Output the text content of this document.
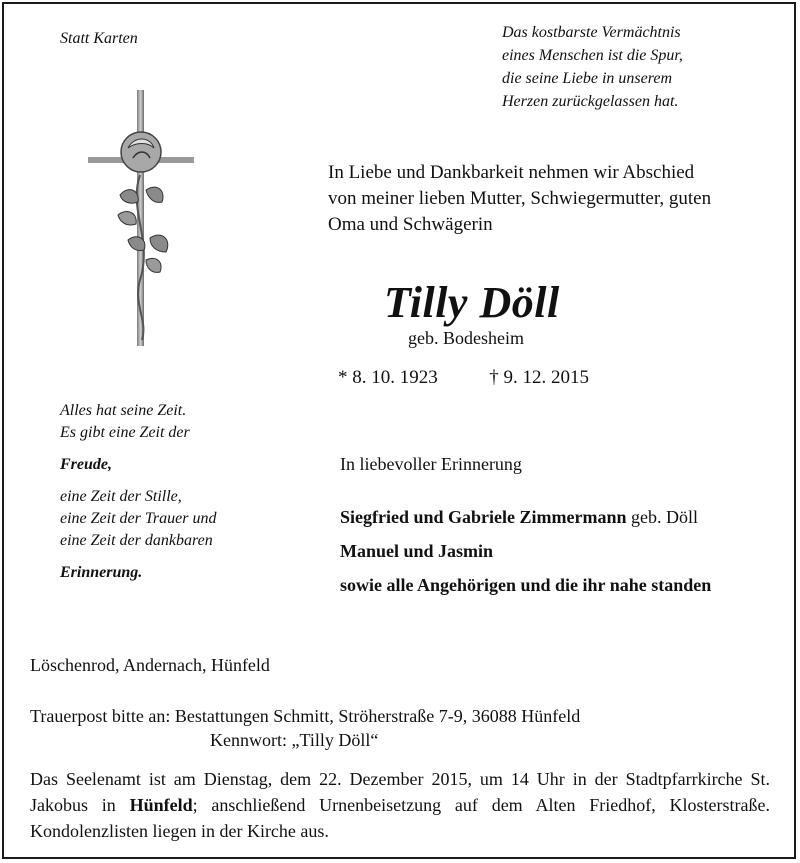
Statt Karten	Das kostbarste Vermächtnis
eines Menschen ist die Spur,
die seine Liebe in unserem
Herzen zurückgelassen hat.
In Liebe und Dankbarkeit nehmen wir Abschied
von meiner lieben Mutter, Schwiegermutter, guten
Oma und Schwägerin
Tilly Döll
geb. Bodesheim
* 8. 10. 1923	† 9. 12. 2015
Alles hat seine Zeit.
Es gibt eine Zeit der
Freude,
eine Zeit der Stille,
eine Zeit der Trauer und
eine Zeit der dankbaren
Erinnerung.
In liebevoller Erinnerung
Siegfried und Gabriele Zimmermann geb. Döll
Manuel und Jasmin
sowie alle Angehörigen und die ihr nahe standen
Löschenrod, Andernach, Hünfeld
Trauerpost bitte an: Bestattungen Schmitt, Ströherstraße 7-9, 36088 Hünfeld
Kennwort: „Tilly Döll“
Das Seelenamt ist am Dienstag, dem 22. Dezember 2015, um 14 Uhr in der Stadtpfarrkirche St. Jakobus in Hünfeld; anschließend Urnenbeisetzung auf dem Alten Friedhof, Klosterstraße. Kondolenzlisten liegen in der Kirche aus.
